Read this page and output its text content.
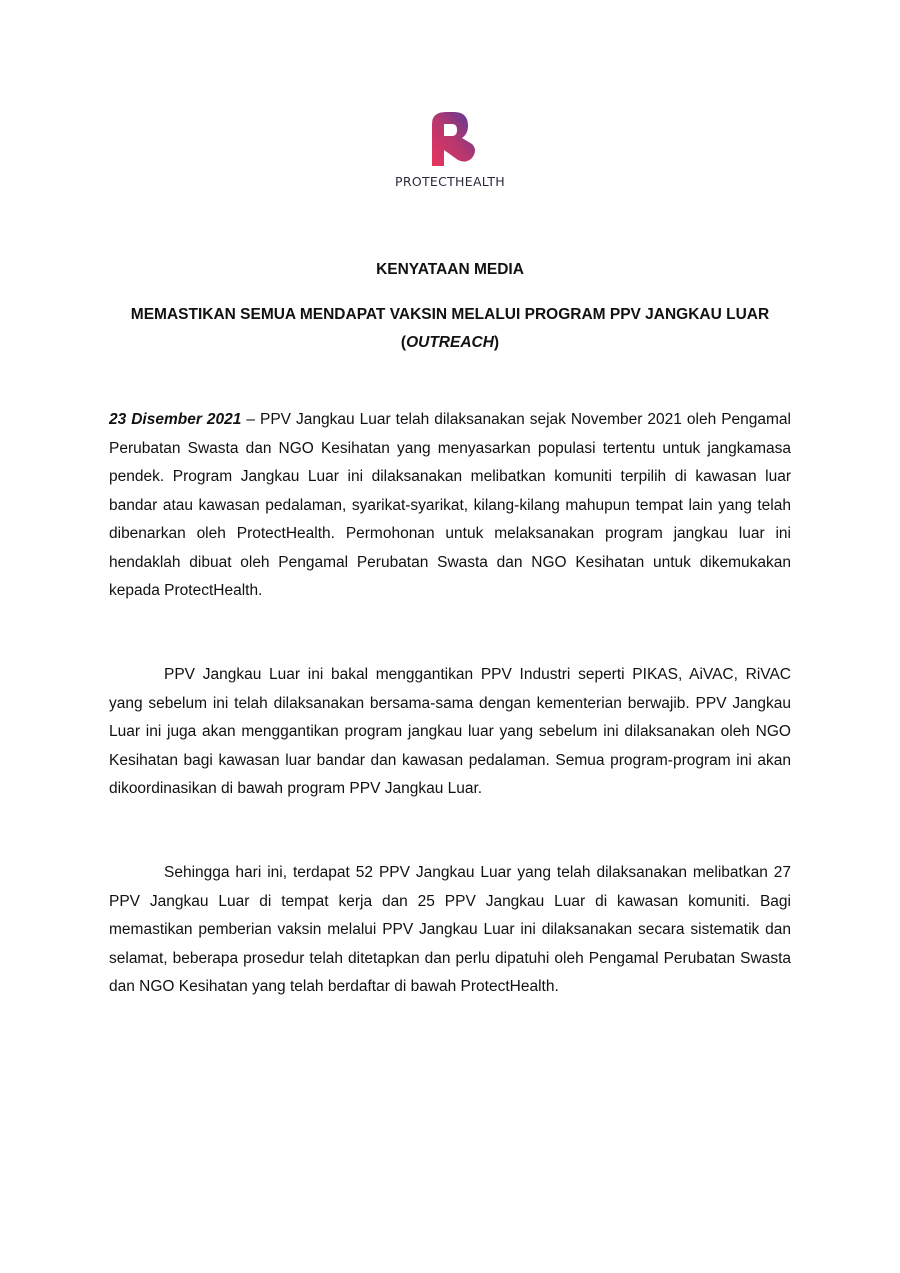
PROTECTHEALTH
KENYATAAN MEDIA
MEMASTIKAN SEMUA MENDAPAT VAKSIN MELALUI PROGRAM PPV JANGKAU LUAR (OUTREACH)

23 Disember 2021 – PPV Jangkau Luar telah dilaksanakan sejak November 2021 oleh Pengamal Perubatan Swasta dan NGO Kesihatan yang menyasarkan populasi tertentu untuk jangkamasa pendek. Program Jangkau Luar ini dilaksanakan melibatkan komuniti terpilih di kawasan luar bandar atau kawasan pedalaman, syarikat-syarikat, kilang-kilang mahupun tempat lain yang telah dibenarkan oleh ProtectHealth. Permohonan untuk melaksanakan program jangkau luar ini hendaklah dibuat oleh Pengamal Perubatan Swasta dan NGO Kesihatan untuk dikemukakan kepada ProtectHealth.

PPV Jangkau Luar ini bakal menggantikan PPV Industri seperti PIKAS, AiVAC, RiVAC yang sebelum ini telah dilaksanakan bersama-sama dengan kementerian berwajib. PPV Jangkau Luar ini juga akan menggantikan program jangkau luar yang sebelum ini dilaksanakan oleh NGO Kesihatan bagi kawasan luar bandar dan kawasan pedalaman. Semua program-program ini akan dikoordinasikan di bawah program PPV Jangkau Luar.

Sehingga hari ini, terdapat 52 PPV Jangkau Luar yang telah dilaksanakan melibatkan 27 PPV Jangkau Luar di tempat kerja dan 25 PPV Jangkau Luar di kawasan komuniti. Bagi memastikan pemberian vaksin melalui PPV Jangkau Luar ini dilaksanakan secara sistematik dan selamat, beberapa prosedur telah ditetapkan dan perlu dipatuhi oleh Pengamal Perubatan Swasta dan NGO Kesihatan yang telah berdaftar di bawah ProtectHealth.
